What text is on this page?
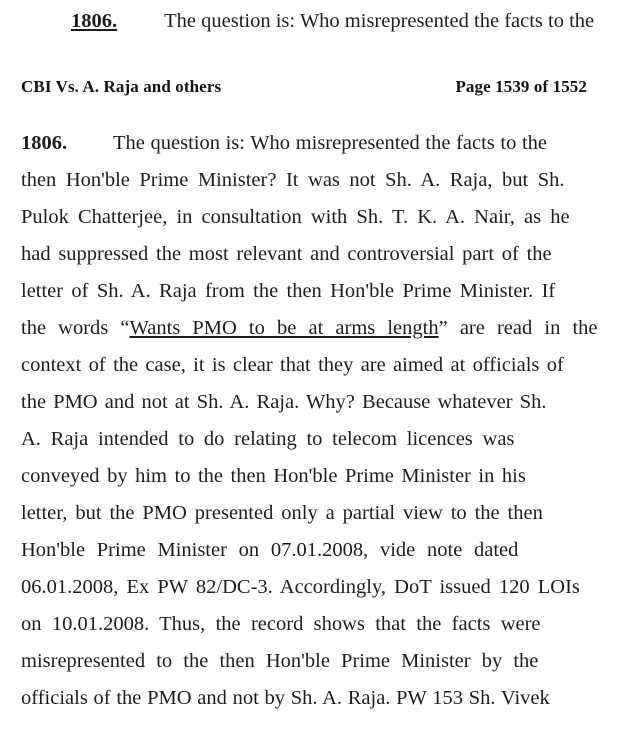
1806. The question is: Who misrepresented the facts to the
CBI Vs. A. Raja and others	Page 1539 of 1552
1806. The question is: Who misrepresented the facts to the
then Hon'ble Prime Minister? It was not Sh. A. Raja, but Sh.
Pulok Chatterjee, in consultation with Sh. T. K. A. Nair, as he
had suppressed the most relevant and controversial part of the
letter of Sh. A. Raja from the then Hon'ble Prime Minister. If
the words “Wants PMO to be at arms length” are read in the
context of the case, it is clear that they are aimed at officials of
the PMO and not at Sh. A. Raja. Why? Because whatever Sh.
A. Raja intended to do relating to telecom licences was
conveyed by him to the then Hon'ble Prime Minister in his
letter, but the PMO presented only a partial view to the then
Hon'ble Prime Minister on 07.01.2008, vide note dated
06.01.2008, Ex PW 82/DC-3. Accordingly, DoT issued 120 LOIs
on 10.01.2008. Thus, the record shows that the facts were
misrepresented to the then Hon'ble Prime Minister by the
officials of the PMO and not by Sh. A. Raja. PW 153 Sh. Vivek
